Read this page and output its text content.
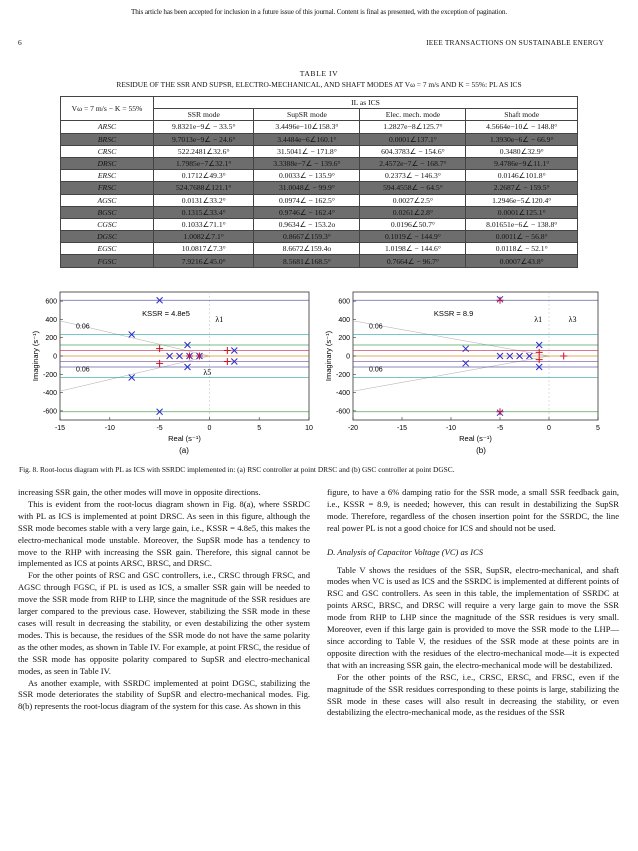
This article has been accepted for inclusion in a future issue of this journal. Content is final as presented, with the exception of pagination.
6	IEEE TRANSACTIONS ON SUSTAINABLE ENERGY
TABLE IV
RESIDUE OF THE SSR AND SUPSR, ELECTRO-MECHANICAL, AND SHAFT MODES AT Vω = 7 m/s AND K = 55%: PL AS ICS
Vω = 7 m/s − K = 55%	IL as ICS			
	SSR mode	SupSR mode	Elec. mech. mode	Shaft mode
ARSC	9.8321e−9∠ − 33.5°	3.4496e−10∠158.3°	1.2827e−8∠125.7°	4.5664e−10∠ − 148.8°
BRSC	9.7013e−9∠ − 24.6°	3.4484e−6∠160.1°	0.0001∠137.1°	1.3930e−6∠ − 66.9°
CRSC	522.2481∠32.6°	31.5041∠ − 171.8°	604.3783∠ − 154.6°	0.3480∠32.9°
DRSC	1.7985e−7∠32.1°	3.3388e−7∠ − 139.6°	2.4572e−7∠ − 168.7°	9.4786e−9∠11.1°
ERSC	0.1712∠49.3°	0.0033∠ − 135.9°	0.2373∠ − 146.3°	0.0146∠101.8°
FRSC	524.7688∠121.1°	31.0048∠ − 99.9°	594.4558∠ − 64.5°	2.2687∠ − 159.5°
AGSC	0.0131∠33.2°	0.0974∠ − 162.5°	0.0027∠2.5°	1.2946e−5∠120.4°
BGSC	0.1315∠33.4°	0.9746∠ − 162.4°	0.0261∠2.8°	0.0001∠125.1°
CGSC	0.1033∠71.1°	0.9634∠ − 153.2o	0.0196∠50.7°	8.01651e−6∠ − 138.8°
DGSC	1.0082∠7.1°	0.8667∠159.3°	0.1019∠ − 144.9°	0.0011∠ − 56.8°
EGSC	10.0817∠7.3°	8.6672∠159.4o	1.0198∠ − 144.6°	0.0118∠ − 52.1°
FGSC	7.9216∠45.0°	8.5681∠168.5°	0.7664∠ − 96.7°	0.0007∠43.8°
-15	-10	-5	0	5	10
-600
-400
-200
0
200
400
600
Real (s⁻¹)
Imaginary (s⁻¹)
KSSR = 4.8e5
0.06
0.06
λ1
λ5
(a)
-20	-15	-10	-5	0	5
-600
-400
-200
0
200
400
600
Real (s⁻¹)
Imaginary (s⁻¹)
KSSR = 8.9
0.06
0.06
λ1	λ3
(b)
Fig. 8. Root-locus diagram with PL as ICS with SSRDC implemented in: (a) RSC controller at point DRSC and (b) GSC controller at point DGSC.

increasing SSR gain, the other modes will move in opposite directions.

This is evident from the root-locus diagram shown in Fig. 8(a), where SSRDC with PL as ICS is implemented at point DRSC. As seen in this figure, although the SSR mode becomes stable with a very large gain, i.e., KSSR = 4.8e5, this makes the electro-mechanical mode unstable. Moreover, the SupSR mode has a tendency to move to the RHP with increasing the SSR gain. Therefore, this signal cannot be implemented as ICS at points ARSC, BRSC, and DRSC.

For the other points of RSC and GSC controllers, i.e., CRSC through FRSC, and AGSC through FGSC, if PL is used as ICS, a smaller SSR gain will be needed to move the SSR mode from RHP to LHP, since the magnitude of the SSR residues are larger compared to the previous case. However, stabilizing the SSR mode in these cases will result in decreasing the stability, or even destabilizing the other system modes. This is because, the residues of the SSR mode do not have the same polarity as the other modes, as shown in Table IV. For example, at point FRSC, the residue of the SSR mode has opposite polarity compared to SupSR and electro-mechanical modes, as seen in Table IV.

As another example, with SSRDC implemented at point DGSC, stabilizing the SSR mode deteriorates the stability of SupSR and electro-mechanical modes. Fig. 8(b) represents the root-locus diagram of the system for this case. As shown in this

figure, to have a 6% damping ratio for the SSR mode, a small SSR feedback gain, i.e., KSSR = 8.9, is needed; however, this can result in destabilizing the SupSR mode. Therefore, regardless of the chosen insertion point for the SSRDC, the line real power PL is not a good choice for ICS and should not be used.

D. Analysis of Capacitor Voltage (VC) as ICS

Table V shows the residues of the SSR, SupSR, electro-mechanical, and shaft modes when VC is used as ICS and the SSRDC is implemented at different points of RSC and GSC controllers. As seen in this table, the implementation of SSRDC at points ARSC, BRSC, and DRSC will require a very large gain to move the SSR mode from RHP to LHP since the magnitude of the SSR residues is very small. Moreover, even if this large gain is provided to move the SSR mode to the LHP—since according to Table V, the residues of the SSR mode at these points are in opposite direction with the residues of the electro-mechanical mode—it is expected that with an increasing SSR gain, the electro-mechanical mode will be destabilized.

For the other points of the RSC, i.e., CRSC, ERSC, and FRSC, even if the magnitude of the SSR residues corresponding to these points is large, stabilizing the SSR mode in these cases will also result in decreasing the stability, or even destabilizing the electro-mechanical mode, as the residues of the SSR
